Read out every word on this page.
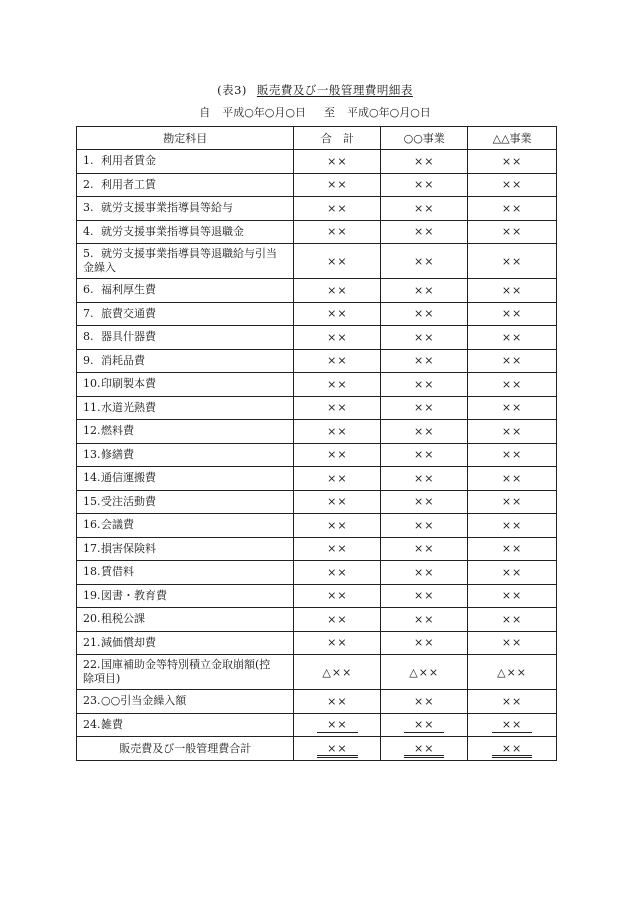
(表3) 販売費及び一般管理費明細表
自 平成○年○月○日 至 平成○年○月○日
勘定科目	合　計	○○事業	△△事業
1. 利用者賃金	××	××	××
2. 利用者工賃	××	××	××
3. 就労支援事業指導員等給与	××	××	××
4. 就労支援事業指導員等退職金	××	××	××
5. 就労支援事業指導員等退職給与引当
金繰入	××	××	××
6. 福利厚生費	××	××	××
7. 旅費交通費	××	××	××
8. 器具什器費	××	××	××
9. 消耗品費	××	××	××
10.印刷製本費	××	××	××
11.水道光熱費	××	××	××
12.燃料費	××	××	××
13.修繕費	××	××	××
14.通信運搬費	××	××	××
15.受注活動費	××	××	××
16.会議費	××	××	××
17.損害保険料	××	××	××
18.賃借料	××	××	××
19.図書・教育費	××	××	××
20.租税公課	××	××	××
21.減価償却費	××	××	××
22.国庫補助金等特別積立金取崩額(控
除項目)	△××	△××	△××
23.○○引当金繰入額	××	××	××
24.雑費	××	××	××
販売費及び一般管理費合計	××	××	××
